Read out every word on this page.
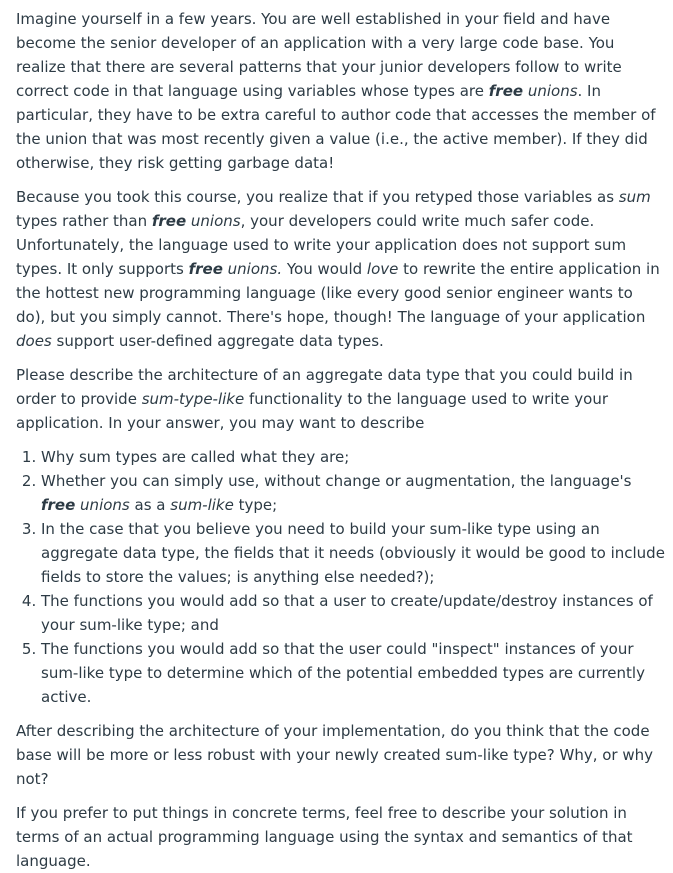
Imagine yourself in a few years. You are well established in your field and have become the senior developer of an application with a very large code base. You realize that there are several patterns that your junior developers follow to write correct code in that language using variables whose types are free unions. In particular, they have to be extra careful to author code that accesses the member of the union that was most recently given a value (i.e., the active member). If they did otherwise, they risk getting garbage data!

Because you took this course, you realize that if you retyped those variables as sum types rather than free unions, your developers could write much safer code. Unfortunately, the language used to write your application does not support sum types. It only supports free unions. You would love to rewrite the entire application in the hottest new programming language (like every good senior engineer wants to do), but you simply cannot. There's hope, though! The language of your application does support user-defined aggregate data types.

Please describe the architecture of an aggregate data type that you could build in order to provide sum-type-like functionality to the language used to write your application. In your answer, you may want to describe

1. Why sum types are called what they are;
2. Whether you can simply use, without change or augmentation, the language's free unions as a sum-like type;
3. In the case that you believe you need to build your sum-like type using an aggregate data type, the fields that it needs (obviously it would be good to include fields to store the values; is anything else needed?);
4. The functions you would add so that a user to create/update/destroy instances of your sum-like type; and
5. The functions you would add so that the user could "inspect" instances of your sum-like type to determine which of the potential embedded types are currently active.

After describing the architecture of your implementation, do you think that the code base will be more or less robust with your newly created sum-like type? Why, or why not?

If you prefer to put things in concrete terms, feel free to describe your solution in terms of an actual programming language using the syntax and semantics of that language.
